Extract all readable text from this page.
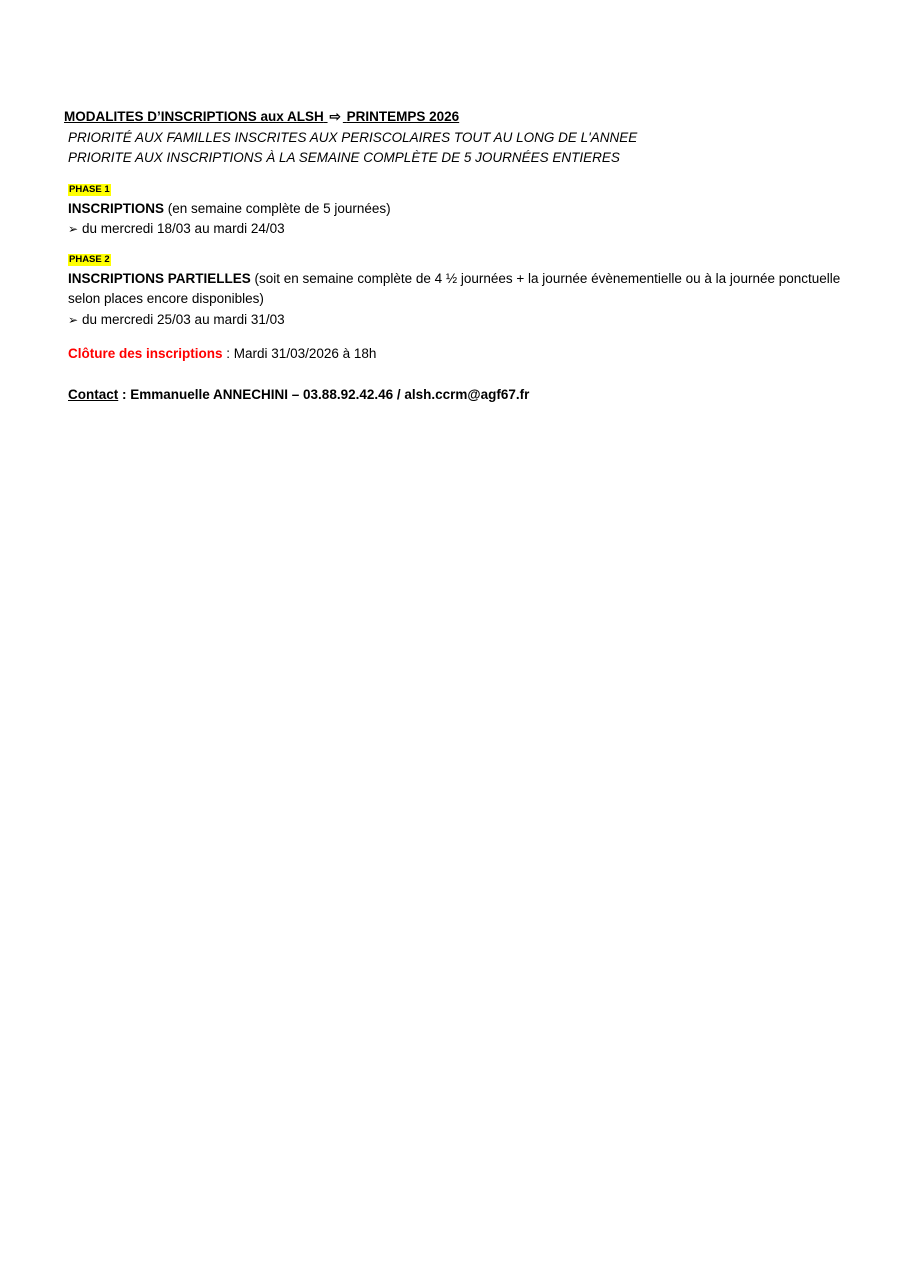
MODALITES D’INSCRIPTIONS aux ALSH ⇨ PRINTEMPS 2026
PRIORITÉ AUX FAMILLES INSCRITES AUX PERISCOLAIRES TOUT AU LONG DE L'ANNEE
PRIORITE AUX INSCRIPTIONS À LA SEMAINE COMPLÈTE DE 5 JOURNÉES ENTIERES
PHASE 1
INSCRIPTIONS (en semaine complète de 5 journées)
➢ du mercredi 18/03 au mardi 24/03
PHASE 2
INSCRIPTIONS PARTIELLES (soit en semaine complète de 4 ½ journées + la journée évènementielle ou à la journée ponctuelle selon places encore disponibles)
➢ du mercredi 25/03 au mardi 31/03
Clôture des inscriptions : Mardi 31/03/2026 à 18h
Contact : Emmanuelle ANNECHINI – 03.88.92.42.46 / alsh.ccrm@agf67.fr
